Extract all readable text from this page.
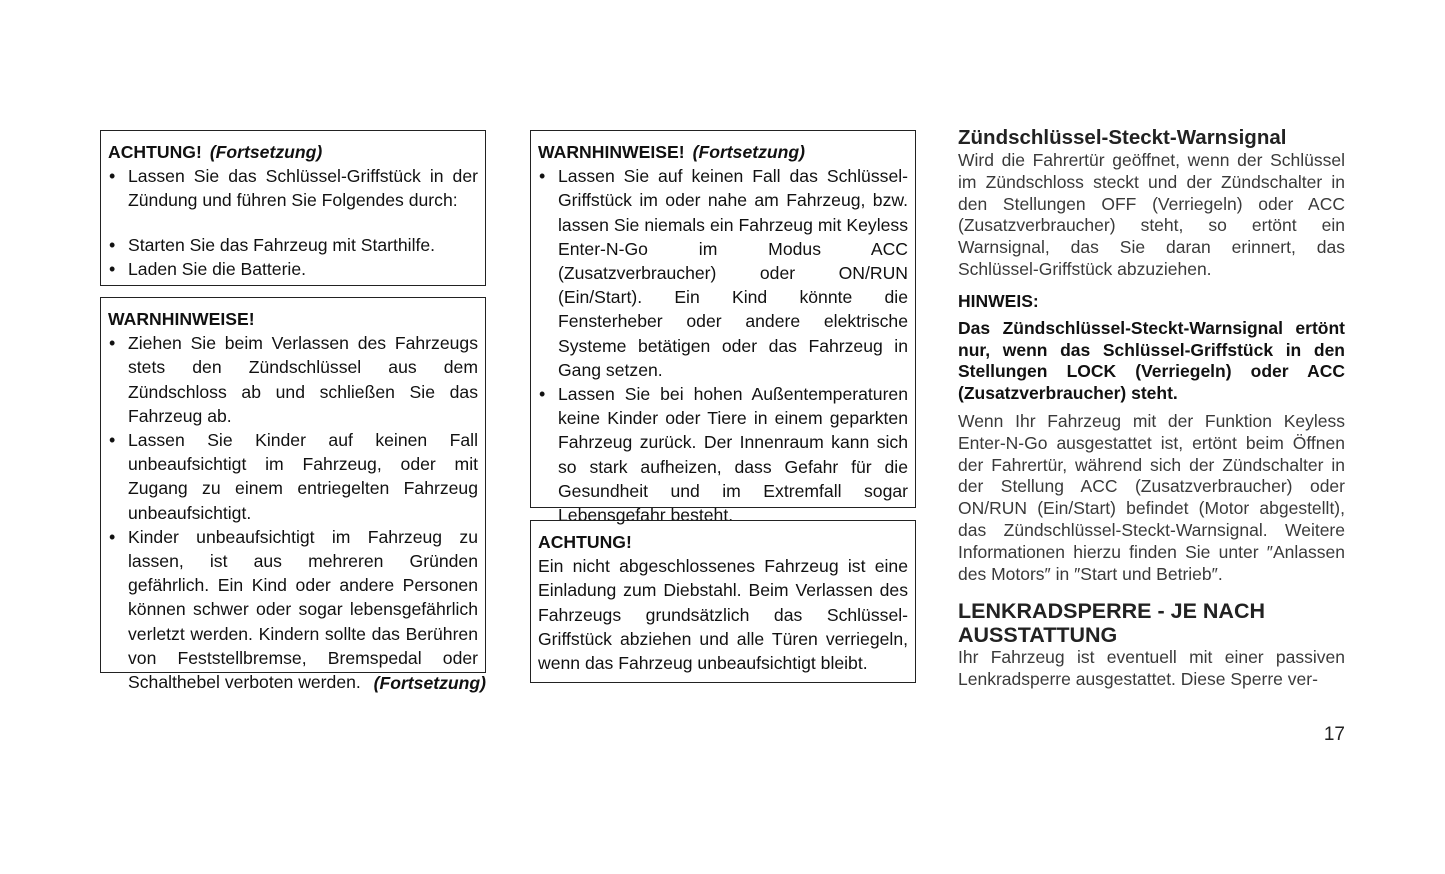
ACHTUNG! (Fortsetzung)
• Lassen Sie das Schlüssel-Griffstück in der Zündung und führen Sie Folgendes durch:
• Starten Sie das Fahrzeug mit Starthilfe.
• Laden Sie die Batterie.
WARNHINWEISE!
• Ziehen Sie beim Verlassen des Fahrzeugs stets den Zündschlüssel aus dem Zündschloss ab und schließen Sie das Fahrzeug ab.
• Lassen Sie Kinder auf keinen Fall unbeaufsichtigt im Fahrzeug, oder mit Zugang zu einem entriegelten Fahrzeug unbeaufsichtigt.
• Kinder unbeaufsichtigt im Fahrzeug zu lassen, ist aus mehreren Gründen gefährlich. Ein Kind oder andere Personen können schwer oder sogar lebensgefährlich verletzt werden. Kindern sollte das Berühren von Feststellbremse, Bremspedal oder Schalthebel verboten werden. (Fortsetzung)
WARNHINWEISE! (Fortsetzung)
• Lassen Sie auf keinen Fall das Schlüssel-Griffstück im oder nahe am Fahrzeug, bzw. lassen Sie niemals ein Fahrzeug mit Keyless Enter-N-Go im Modus ACC (Zusatzverbraucher) oder ON/RUN (Ein/Start). Ein Kind könnte die Fensterheber oder andere elektrische Systeme betätigen oder das Fahrzeug in Gang setzen.
• Lassen Sie bei hohen Außentemperaturen keine Kinder oder Tiere in einem geparkten Fahrzeug zurück. Der Innenraum kann sich so stark aufheizen, dass Gefahr für die Gesundheit und im Extremfall sogar Lebensgefahr besteht.
ACHTUNG!

Ein nicht abgeschlossenes Fahrzeug ist eine Einladung zum Diebstahl. Beim Verlassen des Fahrzeugs grundsätzlich das Schlüssel-Griffstück abziehen und alle Türen verriegeln, wenn das Fahrzeug unbeaufsichtigt bleibt.

Zündschlüssel-Steckt-Warnsignal

Wird die Fahrertür geöffnet, wenn der Schlüssel im Zündschloss steckt und der Zündschalter in den Stellungen OFF (Verriegeln) oder ACC (Zusatzverbraucher) steht, so ertönt ein Warnsignal, das Sie daran erinnert, das Schlüssel-Griffstück abzuziehen.

HINWEIS:

Das Zündschlüssel-Steckt-Warnsignal ertönt nur, wenn das Schlüssel-Griffstück in den Stellungen LOCK (Verriegeln) oder ACC (Zusatzverbraucher) steht.

Wenn Ihr Fahrzeug mit der Funktion Keyless Enter-N-Go ausgestattet ist, ertönt beim Öffnen der Fahrertür, während sich der Zündschalter in der Stellung ACC (Zusatzverbraucher) oder ON/RUN (Ein/Start) befindet (Motor abgestellt), das Zündschlüssel-Steckt-Warnsignal. Weitere Informationen hierzu finden Sie unter ″Anlassen des Motors″ in ″Start und Betrieb″.

LENKRADSPERRE - JE NACH AUSSTATTUNG

Ihr Fahrzeug ist eventuell mit einer passiven Lenkradsperre ausgestattet. Diese Sperre ver-

17
